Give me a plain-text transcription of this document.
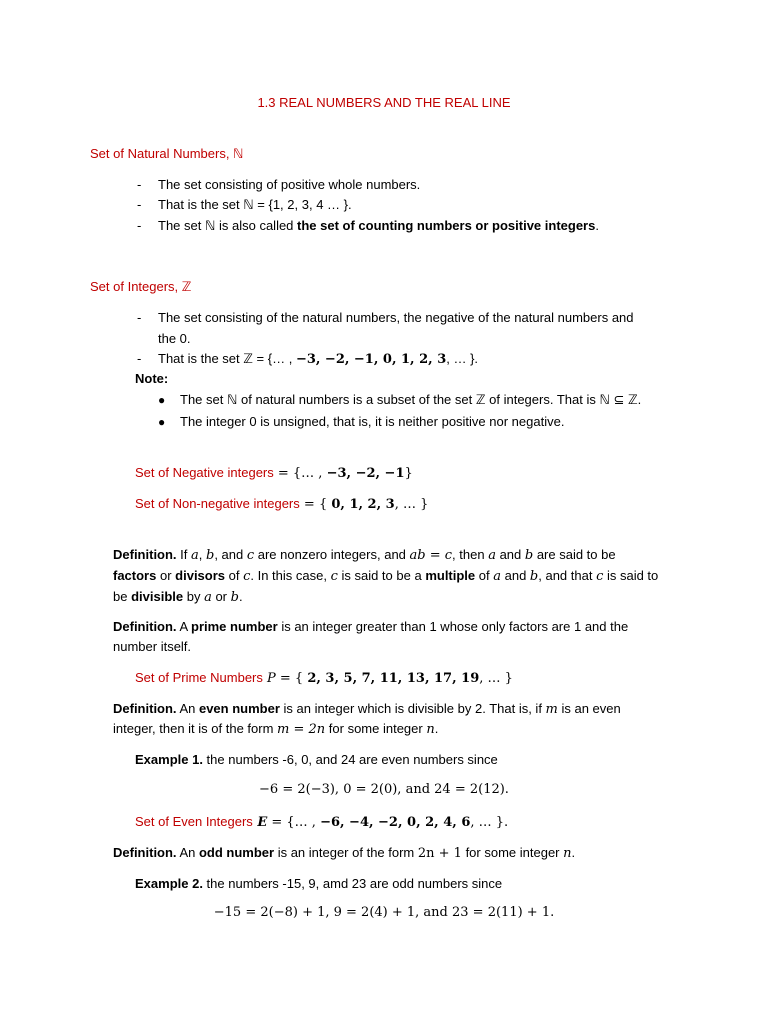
1.3 REAL NUMBERS AND THE REAL LINE
Set of Natural Numbers, ℕ
- The set consisting of positive whole numbers.
- That is the set ℕ = {1, 2, 3, 4 … }.
- The set ℕ is also called the set of counting numbers or positive integers.
Set of Integers, ℤ
- The set consisting of the natural numbers, the negative of the natural numbers and
the 0.
- That is the set ℤ = {… , −3, −2, −1, 0, 1, 2, 3, … }.
Note:
● The set ℕ of natural numbers is a subset of the set ℤ of integers. That is ℕ ⊆ ℤ.
● The integer 0 is unsigned, that is, it is neither positive nor negative.
Set of Negative integers = {… , −3, −2, −1}
Set of Non-negative integers = { 0, 1, 2, 3, … }
Definition. If a, b, and c are nonzero integers, and ab = c, then a and b are said to be
factors or divisors of c. In this case, c is said to be a multiple of a and b, and that c is said to
be divisible by a or b.
Definition. A prime number is an integer greater than 1 whose only factors are 1 and the
number itself.
Set of Prime Numbers P = { 2, 3, 5, 7, 11, 13, 17, 19, … }
Definition. An even number is an integer which is divisible by 2. That is, if m is an even
integer, then it is of the form m = 2n for some integer n.
Example 1. the numbers -6, 0, and 24 are even numbers since
−6 = 2(−3), 0 = 2(0), and 24 = 2(12).
Set of Even Integers E = {… , −6, −4, −2, 0, 2, 4, 6, … }.
Definition. An odd number is an integer of the form 2n + 1 for some integer n.
Example 2. the numbers -15, 9, amd 23 are odd numbers since
−15 = 2(−8) + 1, 9 = 2(4) + 1, and 23 = 2(11) + 1.
